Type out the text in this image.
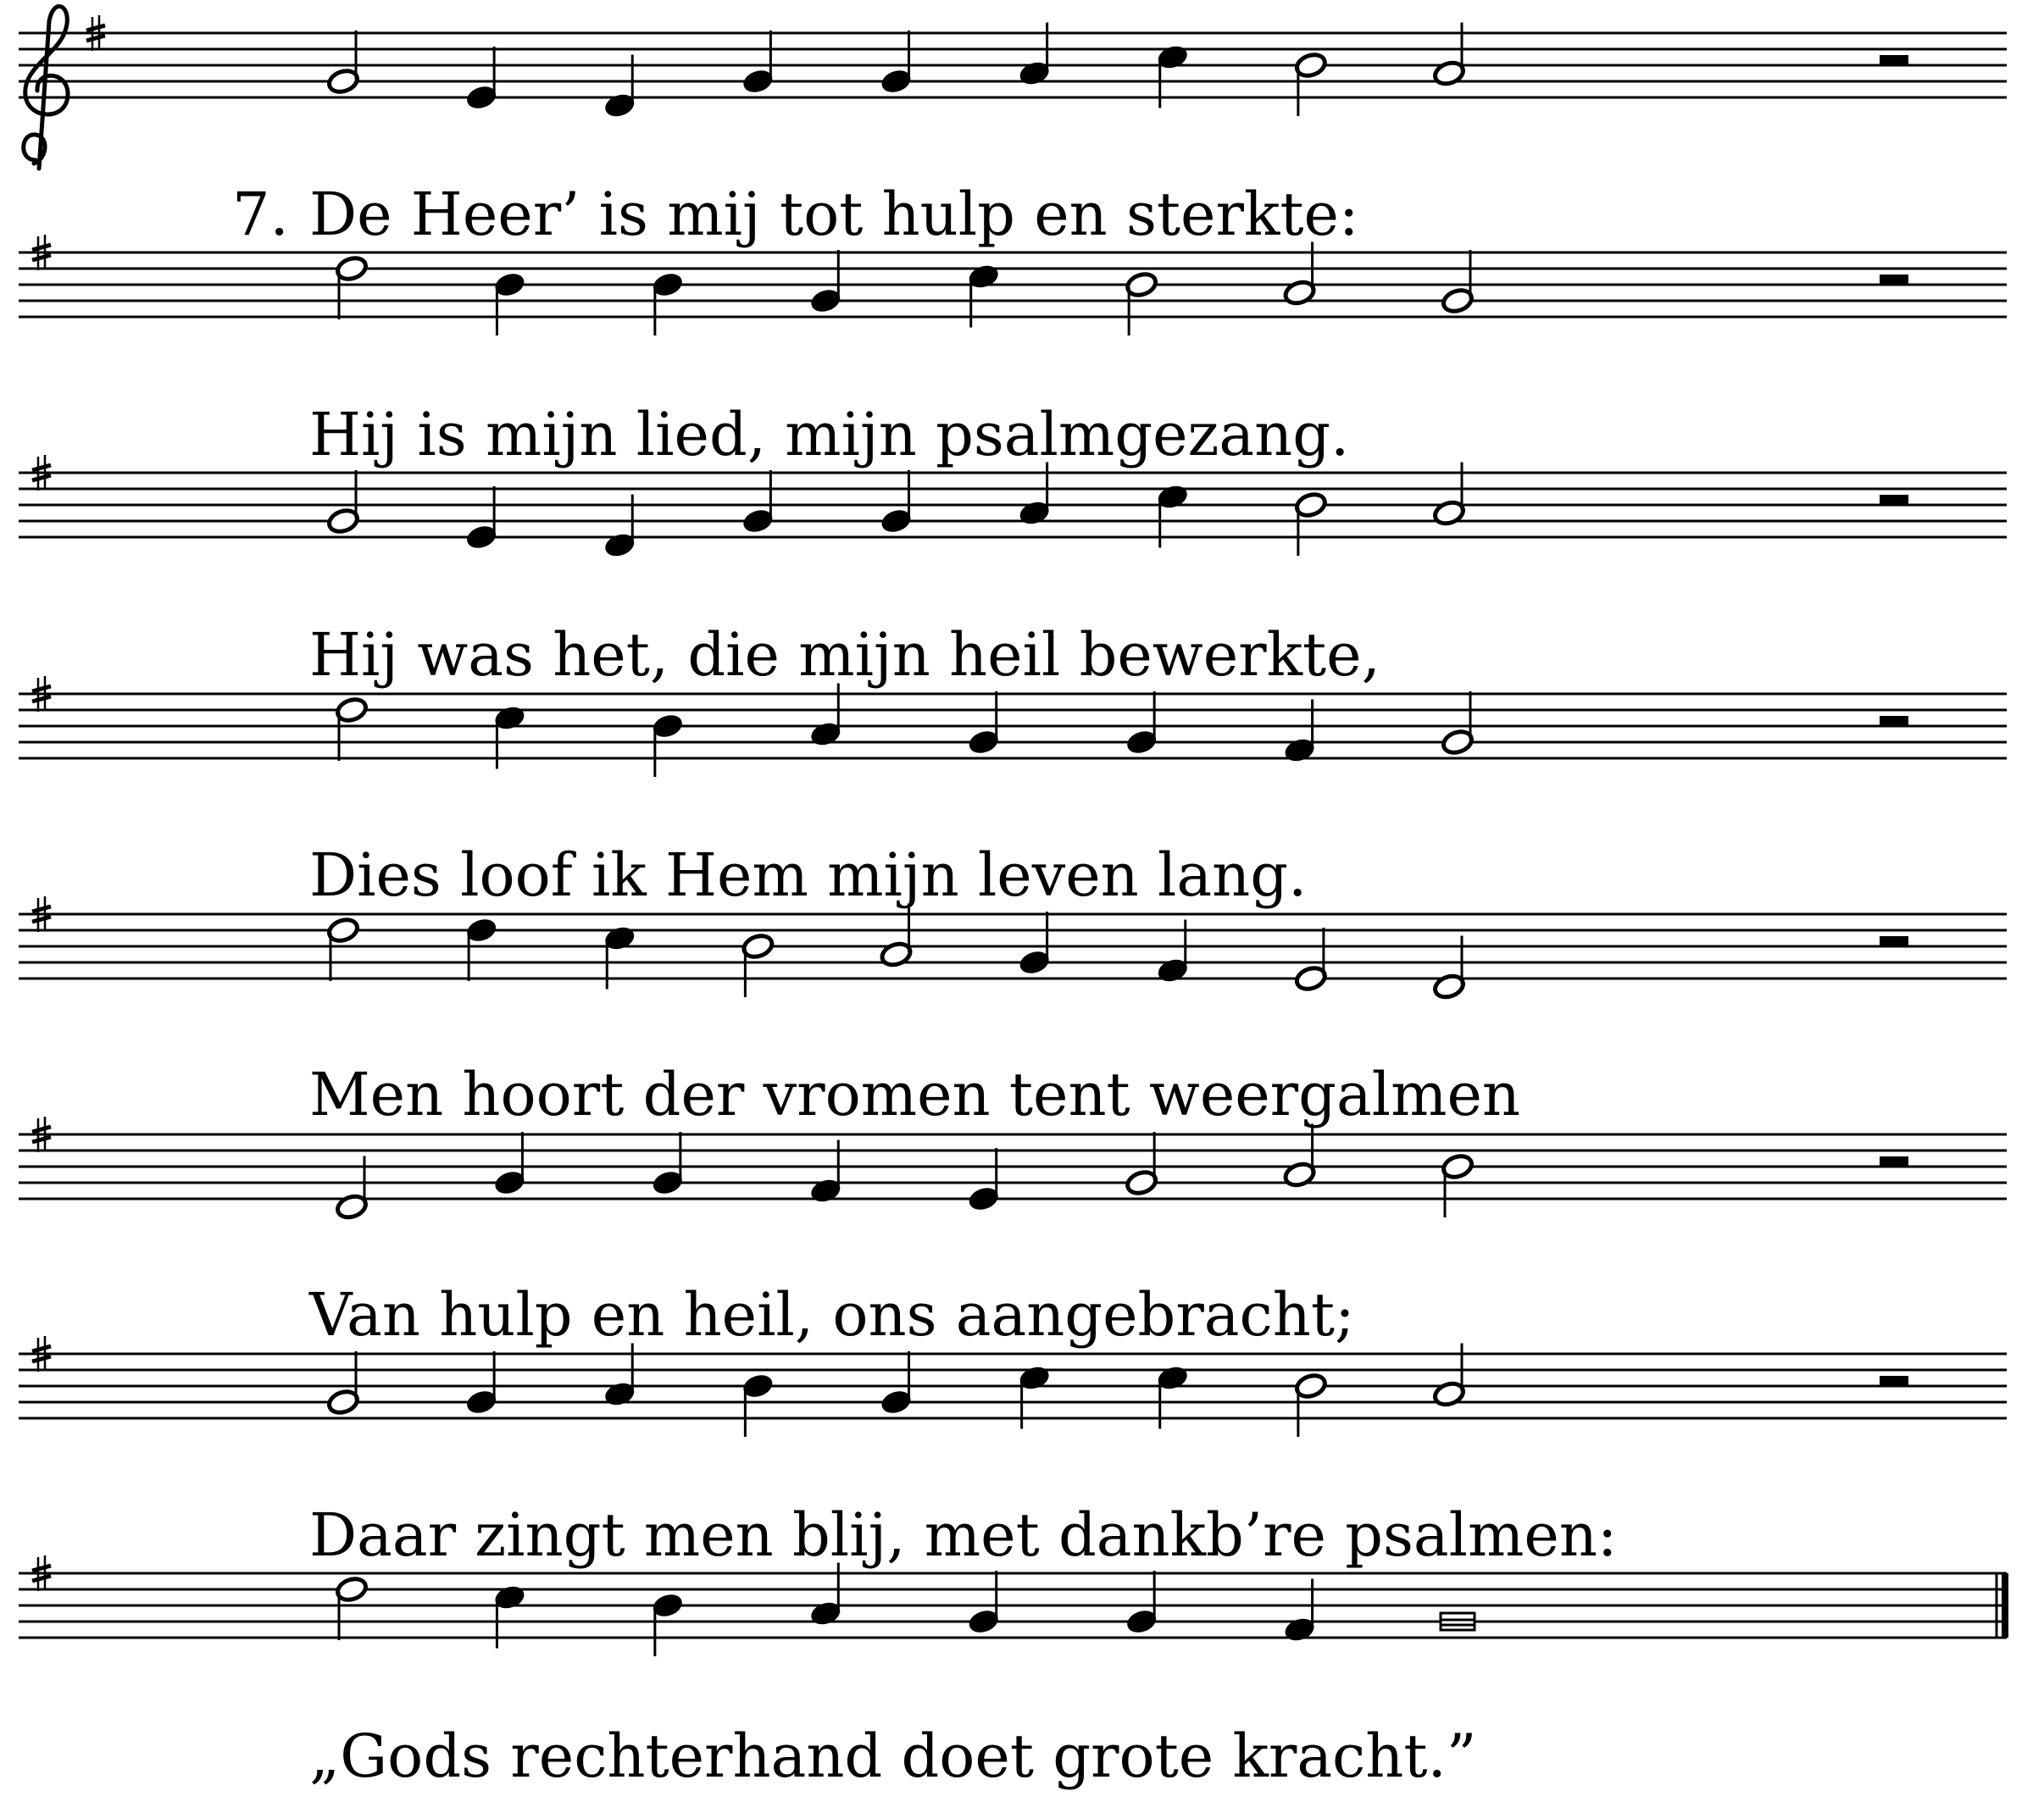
7. De Heer’ is mij tot hulp en sterkte:
Hij is mijn lied, mijn psalmgezang.
Hij was het, die mijn heil bewerkte,
Dies loof ik Hem mijn leven lang.
Men hoort der vromen tent weergalmen
Van hulp en heil, ons aangebracht;
Daar zingt men blij, met dankb’re psalmen:
„Gods rechterhand doet grote kracht.”
